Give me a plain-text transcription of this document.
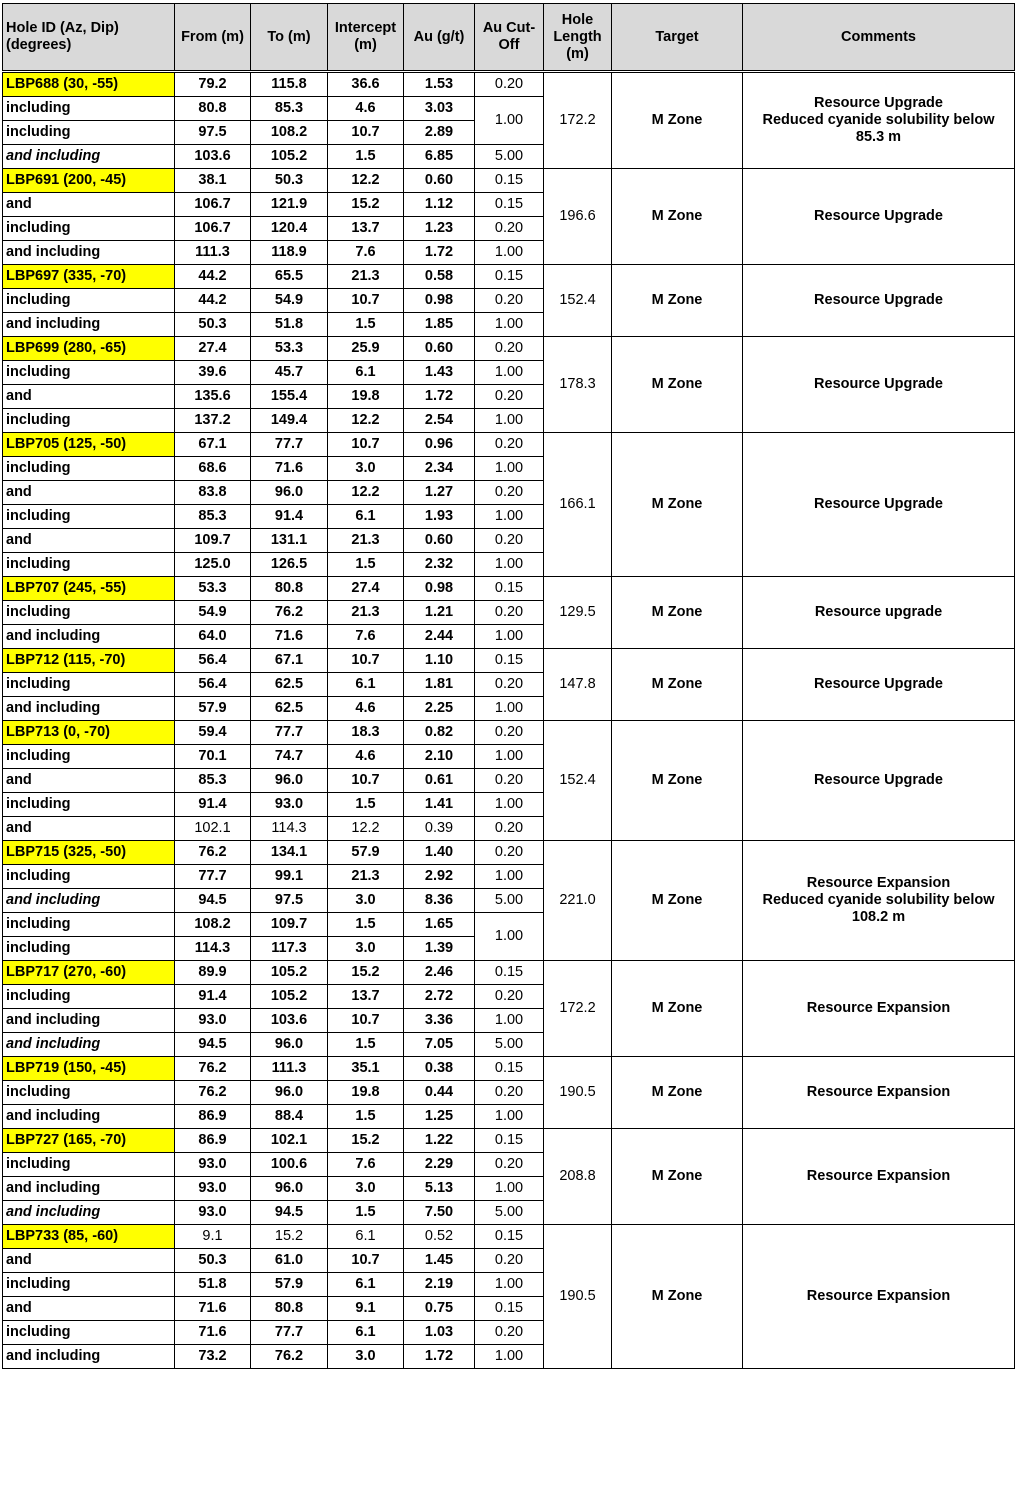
Hole ID (Az, Dip) (degrees)	From (m)	To (m)	Intercept (m)	Au (g/t)	Au Cut-Off	Hole Length (m)	Target	Comments
LBP688 (30, -55)	79.2	115.8	36.6	1.53	0.20	172.2	M Zone	Resource Upgrade
Reduced cyanide solubility below
85.3 m

including	80.8	85.3	4.6	3.03	1.00			
including	97.5	108.2	10.7	2.89				
and including	103.6	105.2	1.5	6.85	5.00			
LBP691 (200, -45)	38.1	50.3	12.2	0.60	0.15	196.6	M Zone	Resource Upgrade

and	106.7	121.9	15.2	1.12	0.15			
including	106.7	120.4	13.7	1.23	0.20			
and including	111.3	118.9	7.6	1.72	1.00			
LBP697 (335, -70)	44.2	65.5	21.3	0.58	0.15	152.4	M Zone	Resource Upgrade

including	44.2	54.9	10.7	0.98	0.20			
and including	50.3	51.8	1.5	1.85	1.00			
LBP699 (280, -65)	27.4	53.3	25.9	0.60	0.20	178.3	M Zone	Resource Upgrade

including	39.6	45.7	6.1	1.43	1.00			
and	135.6	155.4	19.8	1.72	0.20			
including	137.2	149.4	12.2	2.54	1.00			
LBP705 (125, -50)	67.1	77.7	10.7	0.96	0.20	166.1	M Zone	Resource Upgrade

including	68.6	71.6	3.0	2.34	1.00			
and	83.8	96.0	12.2	1.27	0.20			
including	85.3	91.4	6.1	1.93	1.00			
and	109.7	131.1	21.3	0.60	0.20			
including	125.0	126.5	1.5	2.32	1.00			
LBP707 (245, -55)	53.3	80.8	27.4	0.98	0.15	129.5	M Zone	Resource upgrade

including	54.9	76.2	21.3	1.21	0.20			
and including	64.0	71.6	7.6	2.44	1.00			
LBP712 (115, -70)	56.4	67.1	10.7	1.10	0.15	147.8	M Zone	Resource Upgrade

including	56.4	62.5	6.1	1.81	0.20			
and including	57.9	62.5	4.6	2.25	1.00			
LBP713 (0, -70)	59.4	77.7	18.3	0.82	0.20	152.4	M Zone	Resource Upgrade

including	70.1	74.7	4.6	2.10	1.00			
and	85.3	96.0	10.7	0.61	0.20			
including	91.4	93.0	1.5	1.41	1.00			
and	102.1	114.3	12.2	0.39	0.20			
LBP715 (325, -50)	76.2	134.1	57.9	1.40	0.20	221.0	M Zone	Resource Expansion
Reduced cyanide solubility below
108.2 m

including	77.7	99.1	21.3	2.92	1.00			
and including	94.5	97.5	3.0	8.36	5.00			
including	108.2	109.7	1.5	1.65	1.00			
including	114.3	117.3	3.0	1.39				
LBP717 (270, -60)	89.9	105.2	15.2	2.46	0.15	172.2	M Zone	Resource Expansion

including	91.4	105.2	13.7	2.72	0.20			
and including	93.0	103.6	10.7	3.36	1.00			
and including	94.5	96.0	1.5	7.05	5.00			
LBP719 (150, -45)	76.2	111.3	35.1	0.38	0.15	190.5	M Zone	Resource Expansion

including	76.2	96.0	19.8	0.44	0.20			
and including	86.9	88.4	1.5	1.25	1.00			
LBP727 (165, -70)	86.9	102.1	15.2	1.22	0.15	208.8	M Zone	Resource Expansion

including	93.0	100.6	7.6	2.29	0.20			
and including	93.0	96.0	3.0	5.13	1.00			
and including	93.0	94.5	1.5	7.50	5.00			
LBP733 (85, -60)	9.1	15.2	6.1	0.52	0.15	190.5	M Zone	Resource Expansion

and	50.3	61.0	10.7	1.45	0.20			
including	51.8	57.9	6.1	2.19	1.00			
and	71.6	80.8	9.1	0.75	0.15			
including	71.6	77.7	6.1	1.03	0.20			
and including	73.2	76.2	3.0	1.72	1.00			
